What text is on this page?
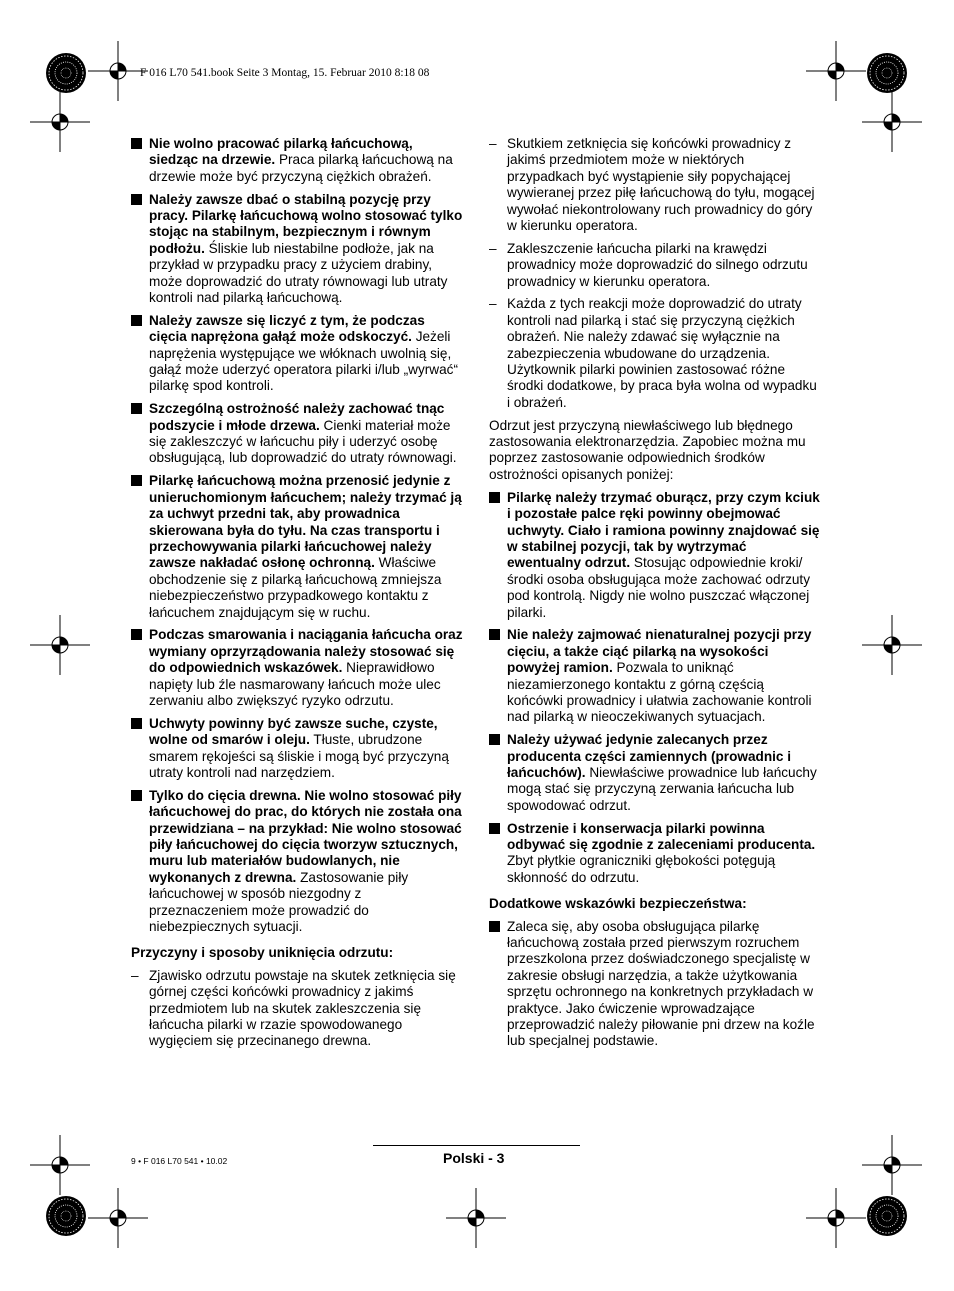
F 016 L70 541.book Seite 3 Montag, 15. Februar 2010 8:18 08
Nie wolno pracować pilarką łańcuchową, siedząc na drzewie. Praca pilarką łańcuchową na drzewie może być przyczyną ciężkich obrażeń.
Należy zawsze dbać o stabilną pozycję przy pracy. Pilarkę łańcuchową wolno stosować tylko stojąc na stabilnym, bezpiecznym i równym podłożu. Śliskie lub niestabilne podłoże, jak na przykład w przypadku pracy z użyciem drabiny, może doprowadzić do utraty równowagi lub utraty kontroli nad pilarką łańcuchową.
Należy zawsze się liczyć z tym, że podczas cięcia naprężona gałąź może odskoczyć. Jeżeli naprężenia występujące we włóknach uwolnią się, gałąź może uderzyć operatora pilarki i/lub „wyrwać“ pilarkę spod kontroli.
Szczególną ostrożność należy zachować tnąc podszycie i młode drzewa. Cienki materiał może się zakleszczyć w łańcuchu piły i uderzyć osobę obsługującą, lub doprowadzić do utraty równowagi.
Pilarkę łańcuchową można przenosić jedynie z unieruchomionym łańcuchem; należy trzymać ją za uchwyt przedni tak, aby prowadnica skierowana była do tyłu. Na czas transportu i przechowywania pilarki łańcuchowej należy zawsze nakładać osłonę ochronną. Właściwe obchodzenie się z pilarką łańcuchową zmniejsza niebezpieczeństwo przypadkowego kontaktu z łańcuchem znajdującym się w ruchu.
Podczas smarowania i naciągania łańcucha oraz wymiany oprzyrządowania należy stosować się do odpowiednich wskazówek. Nieprawidłowo napięty lub źle nasmarowany łańcuch może ulec zerwaniu albo zwiększyć ryzyko odrzutu.
Uchwyty powinny być zawsze suche, czyste, wolne od smarów i oleju. Tłuste, ubrudzone smarem rękojeści są śliskie i mogą być przyczyną utraty kontroli nad narzędziem.
Tylko do cięcia drewna. Nie wolno stosować piły łańcuchowej do prac, do których nie została ona przewidziana – na przykład: Nie wolno stosować piły łańcuchowej do cięcia tworzyw sztucznych, muru lub materiałów budowlanych, nie wykonanych z drewna. Zastosowanie piły łańcuchowej w sposób niezgodny z przeznaczeniem może prowadzić do niebezpiecznych sytuacji.
Przyczyny i sposoby uniknięcia odrzutu:
– Zjawisko odrzutu powstaje na skutek zetknięcia się górnej części końcówki prowadnicy z jakimś przedmiotem lub na skutek zakleszczenia się łańcucha pilarki w rzazie spowodowanego wygięciem się przecinanego drewna.
– Skutkiem zetknięcia się końcówki prowadnicy z jakimś przedmiotem może w niektórych przypadkach być wystąpienie siły popychającej wywieranej przez piłę łańcuchową do tyłu, mogącej wywołać niekontrolowany ruch prowadnicy do góry w kierunku operatora.
– Zakleszczenie łańcucha pilarki na krawędzi prowadnicy może doprowadzić do silnego odrzutu prowadnicy w kierunku operatora.
– Każda z tych reakcji może doprowadzić do utraty kontroli nad pilarką i stać się przyczyną ciężkich obrażeń. Nie należy zdawać się wyłącznie na zabezpieczenia wbudowane do urządzenia. Użytkownik pilarki powinien zastosować różne środki dodatkowe, by praca była wolna od wypadku i obrażeń.
Odrzut jest przyczyną niewłaściwego lub błędnego zastosowania elektronarzędzia. Zapobiec można mu poprzez zastosowanie odpowiednich środków ostrożności opisanych poniżej:
Pilarkę należy trzymać oburącz, przy czym kciuk i pozostałe palce ręki powinny obejmować uchwyty. Ciało i ramiona powinny znajdować się w stabilnej pozycji, tak by wytrzymać ewentualny odrzut. Stosując odpowiednie kroki/środki osoba obsługująca może zachować odrzuty pod kontrolą. Nigdy nie wolno puszczać włączonej pilarki.
Nie należy zajmować nienaturalnej pozycji przy cięciu, a także ciąć pilarką na wysokości powyżej ramion. Pozwala to uniknąć niezamierzonego kontaktu z górną częścią końcówki prowadnicy i ułatwia zachowanie kontroli nad pilarką w nieoczekiwanych sytuacjach.
Należy używać jedynie zalecanych przez producenta części zamiennych (prowadnic i łańcuchów). Niewłaściwe prowadnice lub łańcuchy mogą stać się przyczyną zerwania łańcucha lub spowodować odrzut.
Ostrzenie i konserwacja pilarki powinna odbywać się zgodnie z zaleceniami producenta. Zbyt płytkie ograniczniki głębokości potęgują skłonność do odrzutu.
Dodatkowe wskazówki bezpieczeństwa:
Zaleca się, aby osoba obsługująca pilarkę łańcuchową została przed pierwszym rozruchem przeszkolona przez doświadczonego specjalistę w zakresie obsługi narzędzia, a także użytkowania sprzętu ochronnego na konkretnych przykładach w praktyce. Jako ćwiczenie wprowadzające przeprowadzić należy piłowanie pni drzew na koźle lub specjalnej podstawie.
9 • F 016 L70 541 • 10.02	Polski - 3
